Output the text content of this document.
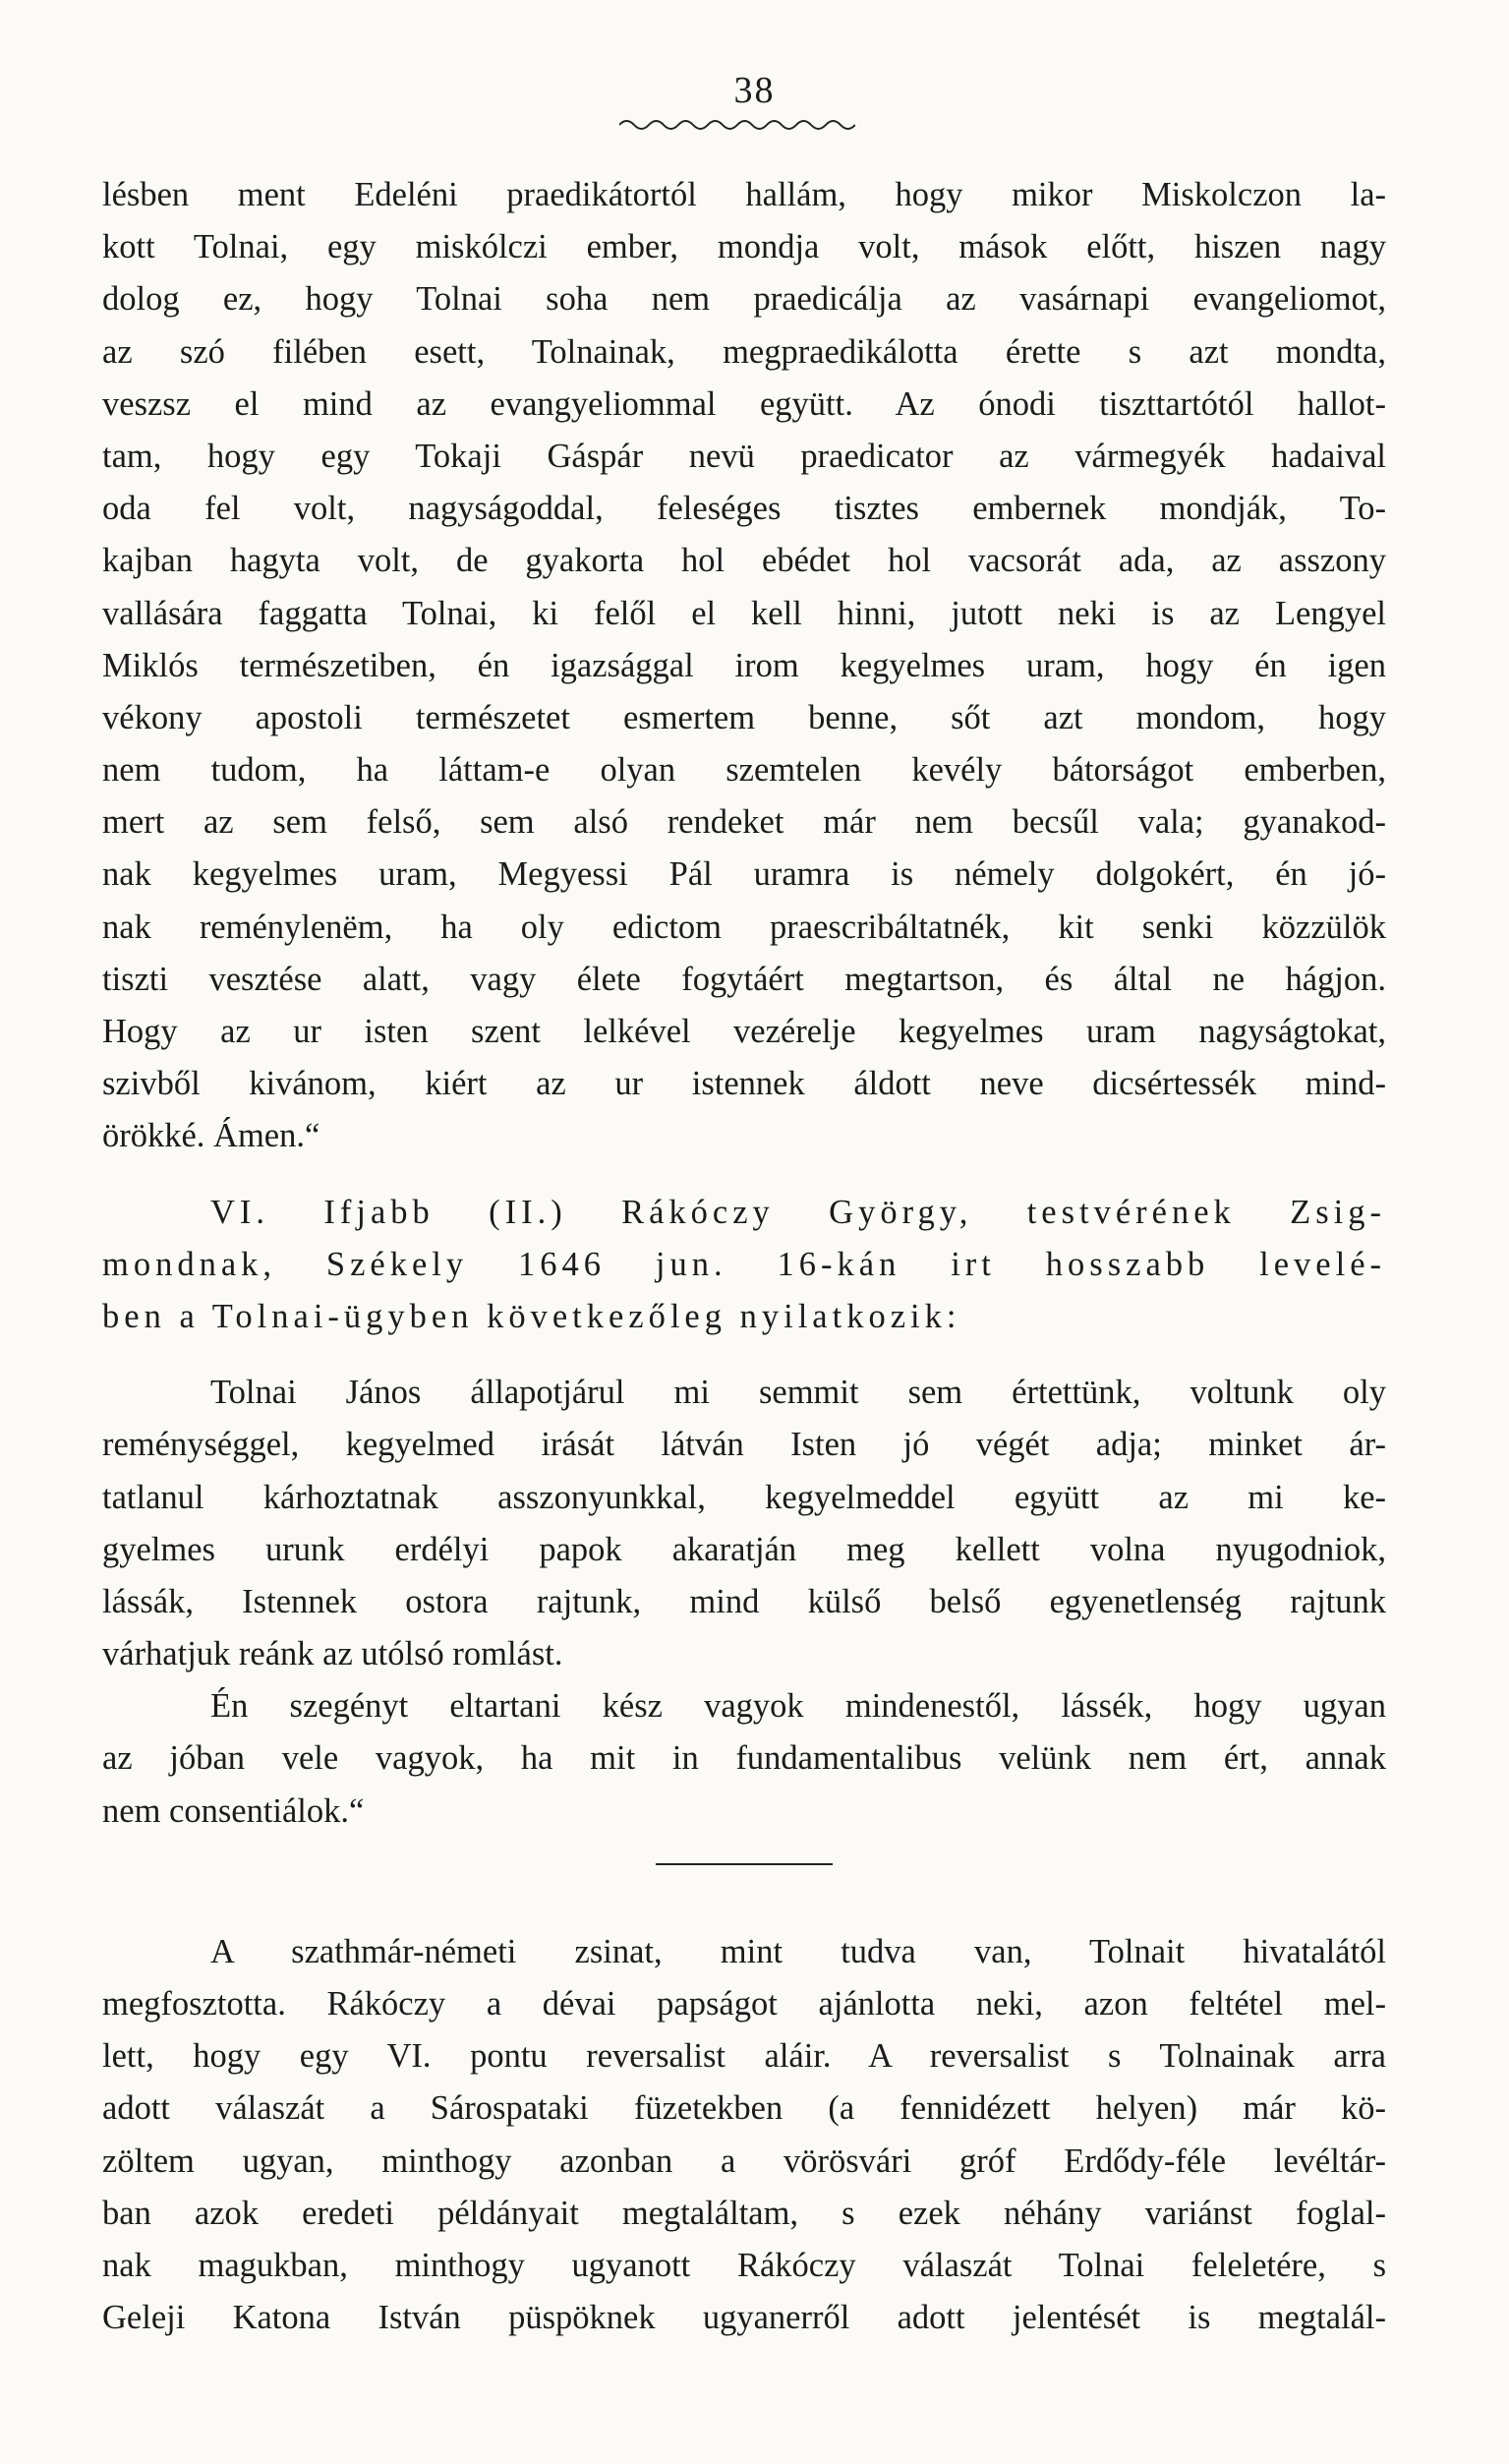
38
lésben ment Edeléni praedikátortól hallám, hogy mikor Miskolczon la-
kott Tolnai, egy miskólczi ember, mondja volt, mások előtt, hiszen nagy
dolog ez, hogy Tolnai soha nem praedicálja az vasárnapi evangeliomot,
az szó filében esett, Tolnainak, megpraedikálotta érette s azt mondta,
veszsz el mind az evangyeliommal együtt. Az ónodi tiszttartótól hallot-
tam, hogy egy Tokaji Gáspár nevü praedicator az vármegyék hadaival
oda fel volt, nagyságoddal, feleséges tisztes embernek mondják, To-
kajban hagyta volt, de gyakorta hol ebédet hol vacsorát ada, az asszony
vallására faggatta Tolnai, ki felől el kell hinni, jutott neki is az Lengyel
Miklós természetiben, én igazsággal irom kegyelmes uram, hogy én igen
vékony apostoli természetet esmertem benne, sőt azt mondom, hogy
nem tudom, ha láttam-e olyan szemtelen kevély bátorságot emberben,
mert az sem felső, sem alsó rendeket már nem becsűl vala; gyanakod-
nak kegyelmes uram, Megyessi Pál uramra is némely dolgokért, én jó-
nak reménylenëm, ha oly edictom praescribáltatnék, kit senki közzülök
tiszti vesztése alatt, vagy élete fogytáért megtartson, és által ne hágjon.
Hogy az ur isten szent lelkével vezérelje kegyelmes uram nagyságtokat,
szivből kivánom, kiért az ur istennek áldott neve dicsértessék mind-
örökké. Ámen.“
VI. Ifjabb (II.) Rákóczy György, testvérének Zsig-
mondnak, Székely 1646 jun. 16-kán irt hosszabb levelé-
ben a Tolnai-ügyben következőleg nyilatkozik:
Tolnai János állapotjárul mi semmit sem értettünk, voltunk oly
reménységgel, kegyelmed irását látván Isten jó végét adja; minket ár-
tatlanul kárhoztatnak asszonyunkkal, kegyelmeddel együtt az mi ke-
gyelmes urunk erdélyi papok akaratján meg kellett volna nyugodniok,
lássák, Istennek ostora rajtunk, mind külső belső egyenetlenség rajtunk
várhatjuk reánk az utólsó romlást.
Én szegényt eltartani kész vagyok mindenestől, lássék, hogy ugyan
az jóban vele vagyok, ha mit in fundamentalibus velünk nem ért, annak
nem consentiálok.“
A szathmár-németi zsinat, mint tudva van, Tolnait hivatalától
megfosztotta. Rákóczy a dévai papságot ajánlotta neki, azon feltétel mel-
lett, hogy egy VI. pontu reversalist aláir. A reversalist s Tolnainak arra
adott válaszát a Sárospataki füzetekben (a fennidézett helyen) már kö-
zöltem ugyan, minthogy azonban a vörösvári gróf Erdődy-féle levéltár-
ban azok eredeti példányait megtaláltam, s ezek néhány variánst foglal-
nak magukban, minthogy ugyanott Rákóczy válaszát Tolnai feleletére, s
Geleji Katona István püspöknek ugyanerről adott jelentését is megtalál-
